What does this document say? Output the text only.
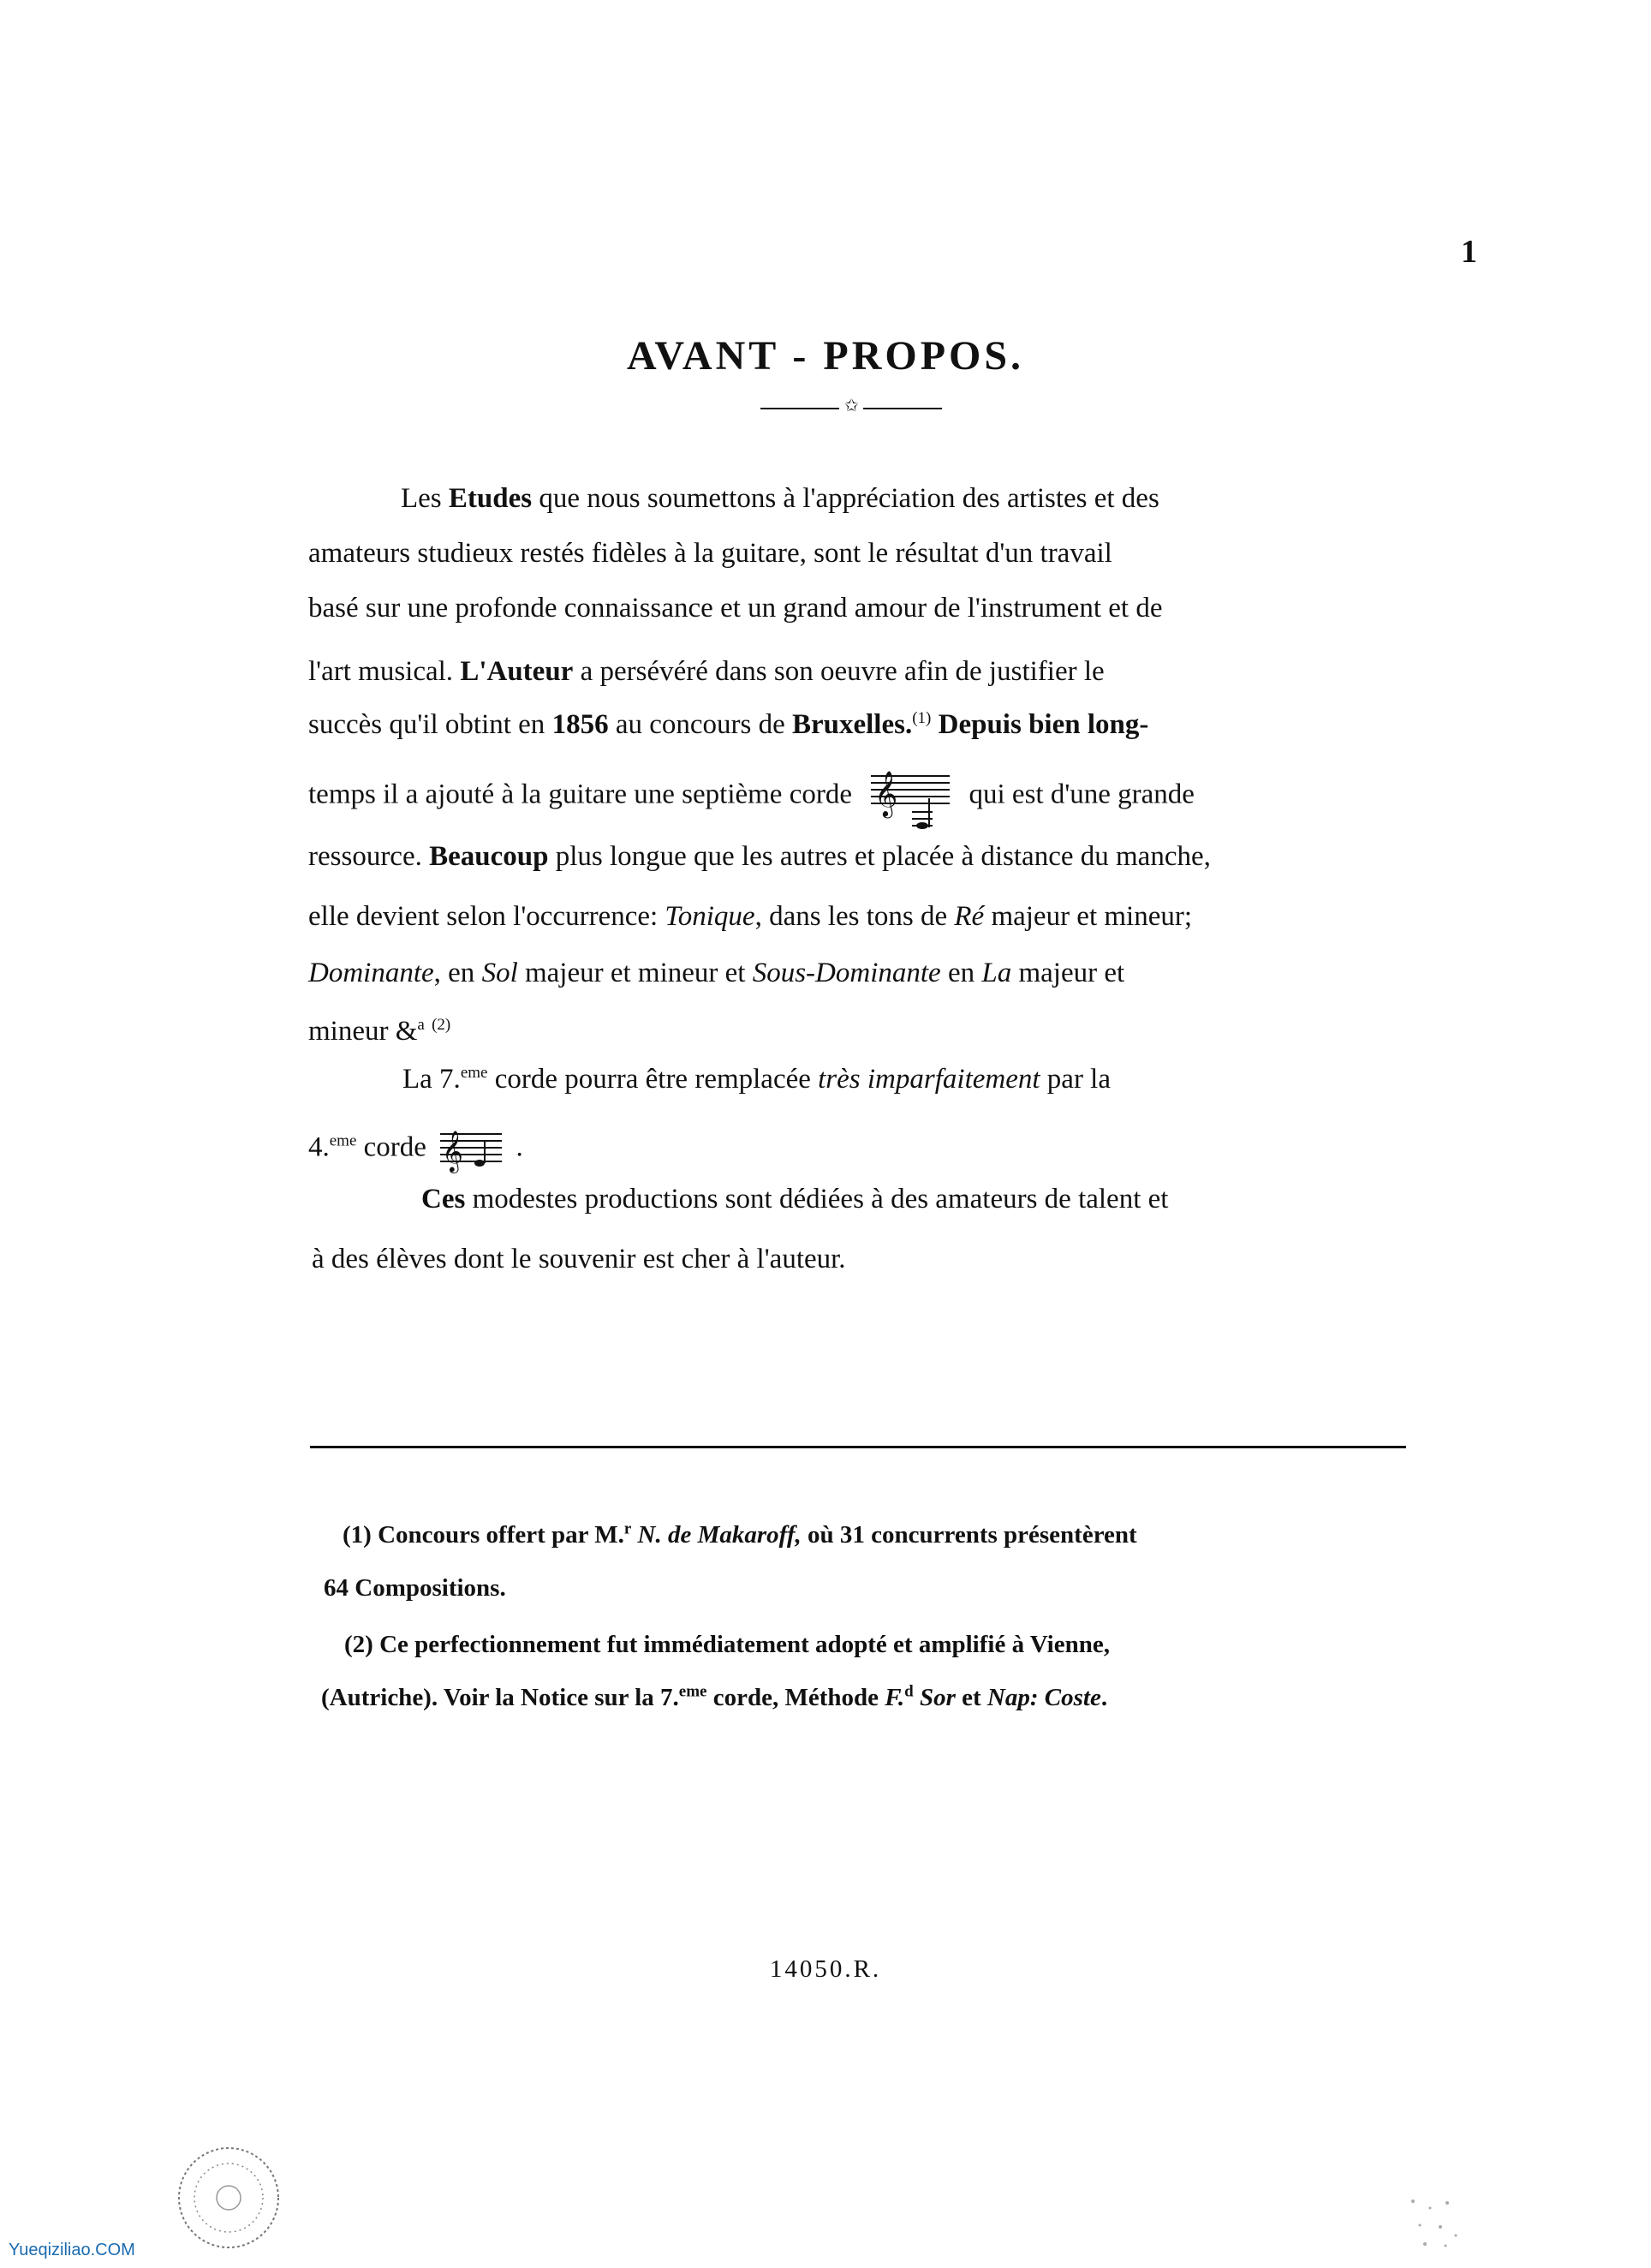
1
AVANT - PROPOS.
✩
Les Etudes que nous soumettons à l'appréciation des artistes et des
amateurs studieux restés fidèles à la guitare, sont le résultat d'un travail
basé sur une profonde connaissance et un grand amour de l'instrument et de
l'art musical. L'Auteur a persévéré dans son oeuvre afin de justifier le
succès qu'il obtint en 1856 au concours de Bruxelles.$^{(1)}$ Depuis bien long-
temps il a ajouté à la guitare une septième corde 𝄞	qui est d'une grande
ressource. Beaucoup plus longue que les autres et placée à distance du manche,
elle devient selon l'occurrence: Tonique, dans les tons de Ré majeur et mineur;
Dominante, en Sol majeur et mineur et Sous-Dominante en La majeur et
mineur &$^a$ $^{(2)}$
La 7.$^{eme}$ corde pourra être remplacée très imparfaitement par la
4.$^{eme}$ corde 𝄞 .
Ces modestes productions sont dédiées à des amateurs de talent et
à des élèves dont le souvenir est cher à l'auteur.
(1) Concours offert par M.$^r$ N. de Makaroff, où 31 concurrents présentèrent
64 Compositions.
(2) Ce perfectionnement fut immédiatement adopté et amplifié à Vienne,
(Autriche). Voir la Notice sur la 7.$^{eme}$ corde, Méthode F.$^d$ Sor et Nap: Coste.
14050.R.
Yueqiziliao.COM
